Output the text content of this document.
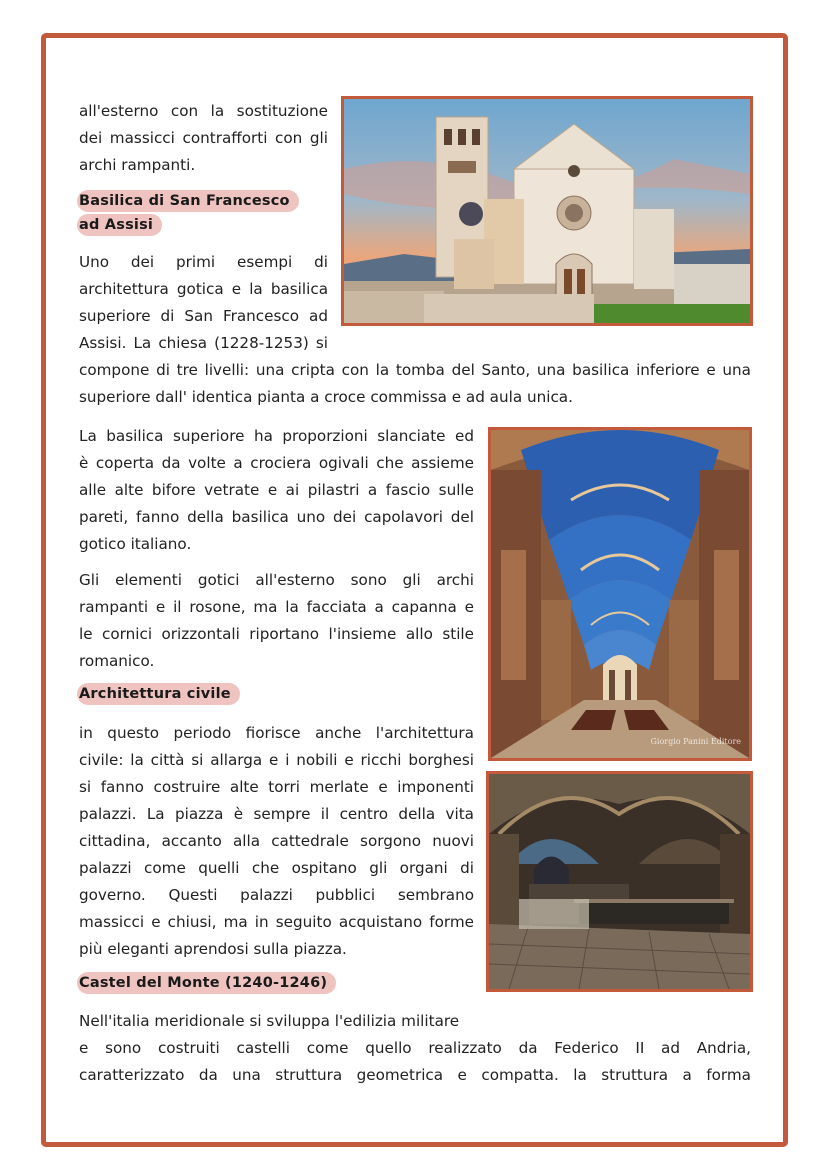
all'esterno con la sostituzione
dei massicci contrafforti con gli
archi rampanti.
Basilica di San Francesco
ad Assisi
Uno dei primi esempi di
architettura gotica e la basilica
superiore di San Francesco ad
Assisi. La chiesa (1228-1253) si
compone di tre livelli: una cripta con la tomba del Santo, una basilica inferiore e una
superiore dall' identica pianta a croce commissa e ad aula unica.
La basilica superiore ha proporzioni slanciate ed
è coperta da volte a crociera ogivali che assieme
alle alte bifore vetrate e ai pilastri a fascio sulle
pareti, fanno della basilica uno dei capolavori del
gotico italiano.
Gli elementi gotici all'esterno sono gli archi
rampanti e il rosone, ma la facciata a capanna e
le cornici orizzontali riportano l'insieme allo stile
romanico.
Architettura civile
in questo periodo fiorisce anche l'architettura
civile: la città si allarga e i nobili e ricchi borghesi
si fanno costruire alte torri merlate e imponenti
palazzi. La piazza è sempre il centro della vita
cittadina, accanto alla cattedrale sorgono nuovi
palazzi come quelli che ospitano gli organi di
governo. Questi palazzi pubblici sembrano
massicci e chiusi, ma in seguito acquistano forme
più eleganti aprendosi sulla piazza.
Castel del Monte (1240-1246)
Nell'italia meridionale si sviluppa l'edilizia militare
e sono costruiti castelli come quello realizzato da Federico II ad Andria,
caratterizzato da una struttura geometrica e compatta. la struttura a forma
Giorgio Panini Editore
